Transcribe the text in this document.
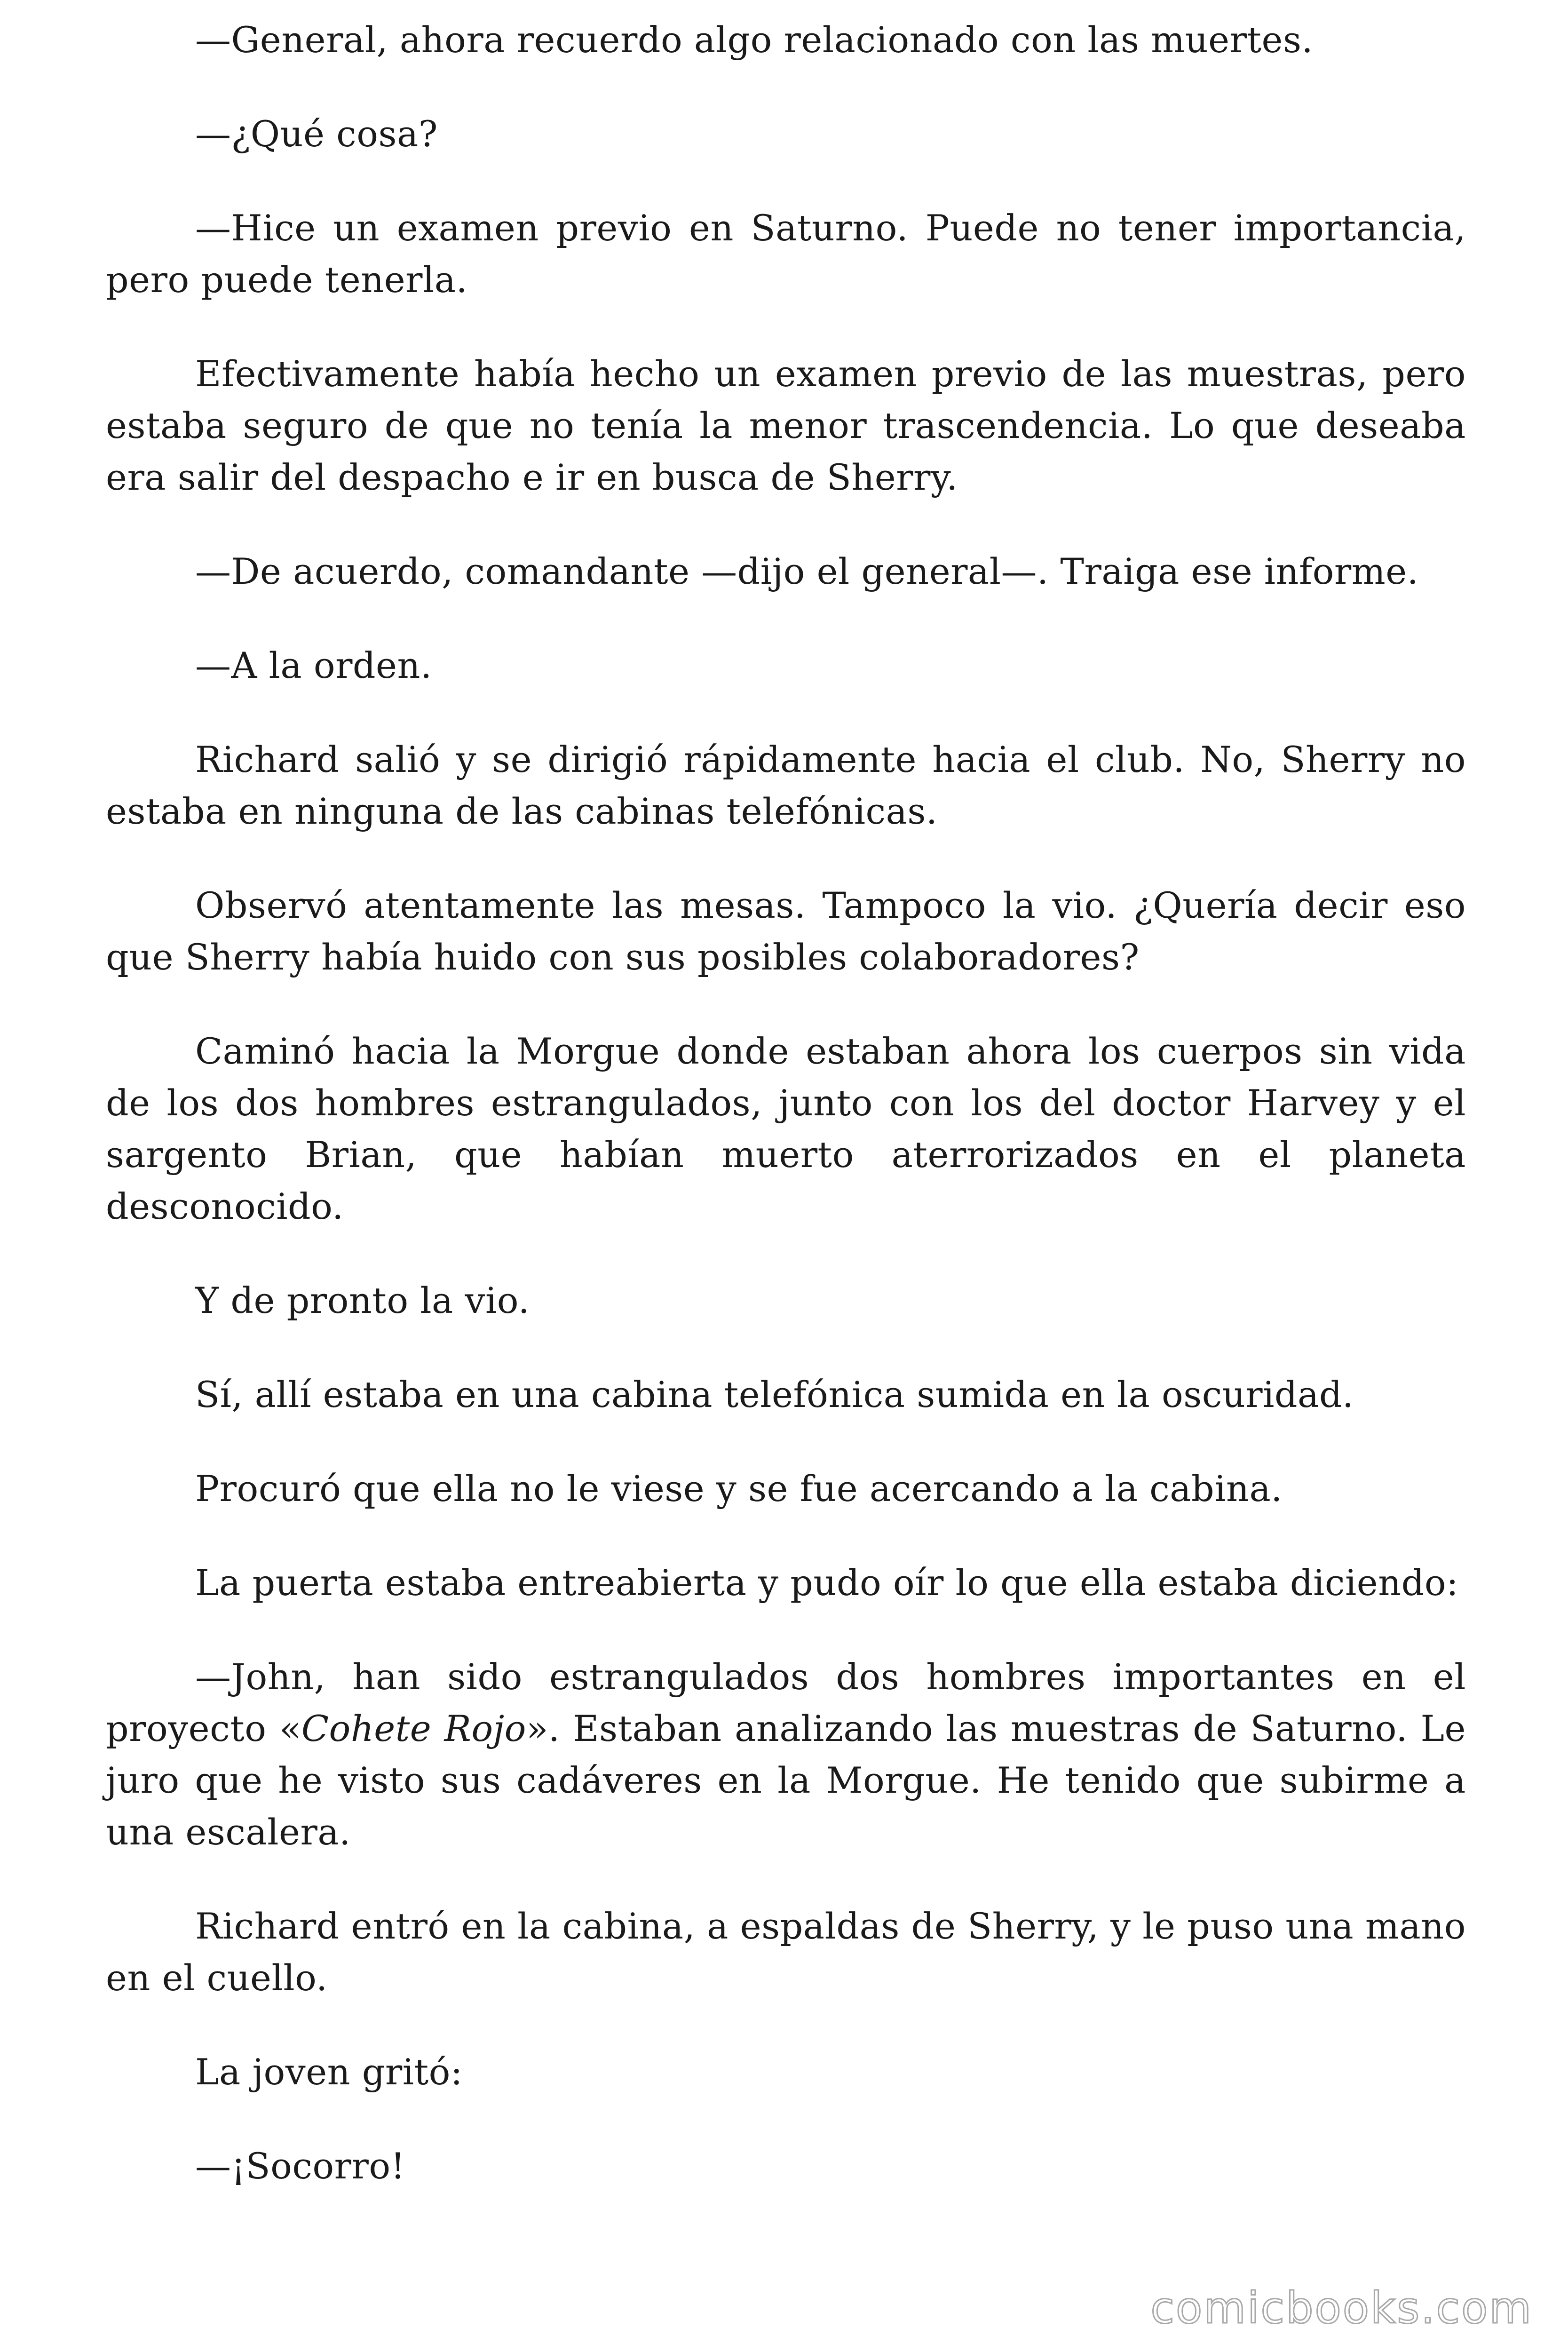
—General, ahora recuerdo algo relacionado con las muertes.

—¿Qué cosa?

—Hice un examen previo en Saturno. Puede no tener importancia, pero puede tenerla.

Efectivamente había hecho un examen previo de las muestras, pero estaba seguro de que no tenía la menor trascendencia. Lo que deseaba era salir del despacho e ir en busca de Sherry.

—De acuerdo, comandante —dijo el general—. Traiga ese informe.

—A la orden.

Richard salió y se dirigió rápidamente hacia el club. No, Sherry no estaba en ninguna de las cabinas telefónicas.

Observó atentamente las mesas. Tampoco la vio. ¿Quería decir eso que Sherry había huido con sus posibles colaboradores?

Caminó hacia la Morgue donde estaban ahora los cuerpos sin vida de los dos hombres estrangulados, junto con los del doctor Harvey y el sargento Brian, que habían muerto aterrorizados en el planeta desconocido.

Y de pronto la vio.

Sí, allí estaba en una cabina telefónica sumida en la oscuridad.

Procuró que ella no le viese y se fue acercando a la cabina.

La puerta estaba entreabierta y pudo oír lo que ella estaba diciendo:

—John, han sido estrangulados dos hombres importantes en el proyecto «Cohete Rojo». Estaban analizando las muestras de Saturno. Le juro que he visto sus cadáveres en la Morgue. He tenido que subirme a una escalera.

Richard entró en la cabina, a espaldas de Sherry, y le puso una mano en el cuello.

La joven gritó:

—¡Socorro!

comicbooks.com
